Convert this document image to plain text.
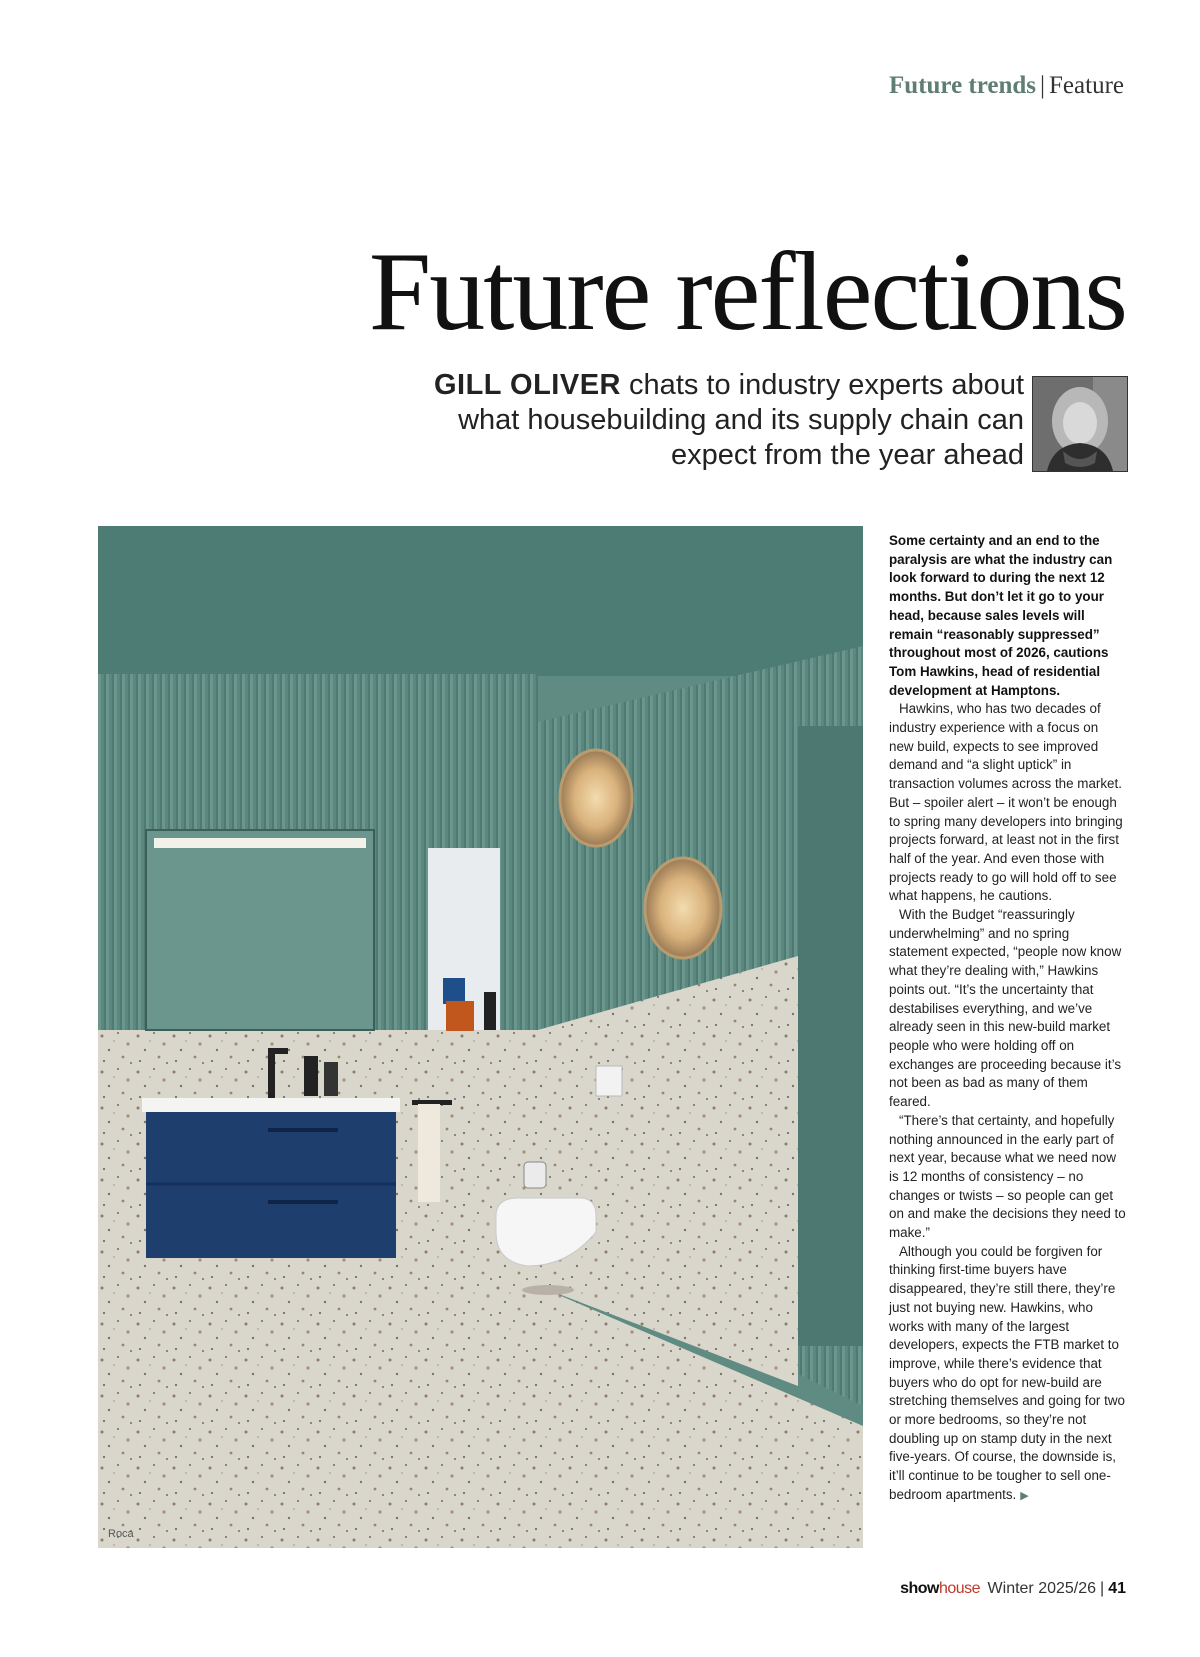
Future trends | Feature
Future reflections

GILL OLIVER chats to industry experts about what housebuilding and its supply chain can expect from the year ahead

Roca

Some certainty and an end to the paralysis are what the industry can look forward to during the next 12 months. But don’t let it go to your head, because sales levels will remain “reasonably suppressed” throughout most of 2026, cautions Tom Hawkins, head of residential development at Hamptons.

Hawkins, who has two decades of industry experience with a focus on new build, expects to see improved demand and “a slight uptick” in transaction volumes across the market. But – spoiler alert – it won’t be enough to spring many developers into bringing projects forward, at least not in the first half of the year. And even those with projects ready to go will hold off to see what happens, he cautions.

With the Budget “reassuringly underwhelming” and no spring statement expected, “people now know what they’re dealing with,” Hawkins points out. “It’s the uncertainty that destabilises everything, and we’ve already seen in this new-build market people who were holding off on exchanges are proceeding because it’s not been as bad as many of them feared.

“There’s that certainty, and hopefully nothing announced in the early part of next year, because what we need now is 12 months of consistency – no changes or twists – so people can get on and make the decisions they need to make.”

Although you could be forgiven for thinking first-time buyers have disappeared, they’re still there, they’re just not buying new. Hawkins, who works with many of the largest developers, expects the FTB market to improve, while there’s evidence that buyers who do opt for new-build are stretching themselves and going for two or more bedrooms, so they’re not doubling up on stamp duty in the next five-years. Of course, the downside is, it’ll continue to be tougher to sell one-bedroom apartments. ▶

showhouse Winter 2025/26 | 41
